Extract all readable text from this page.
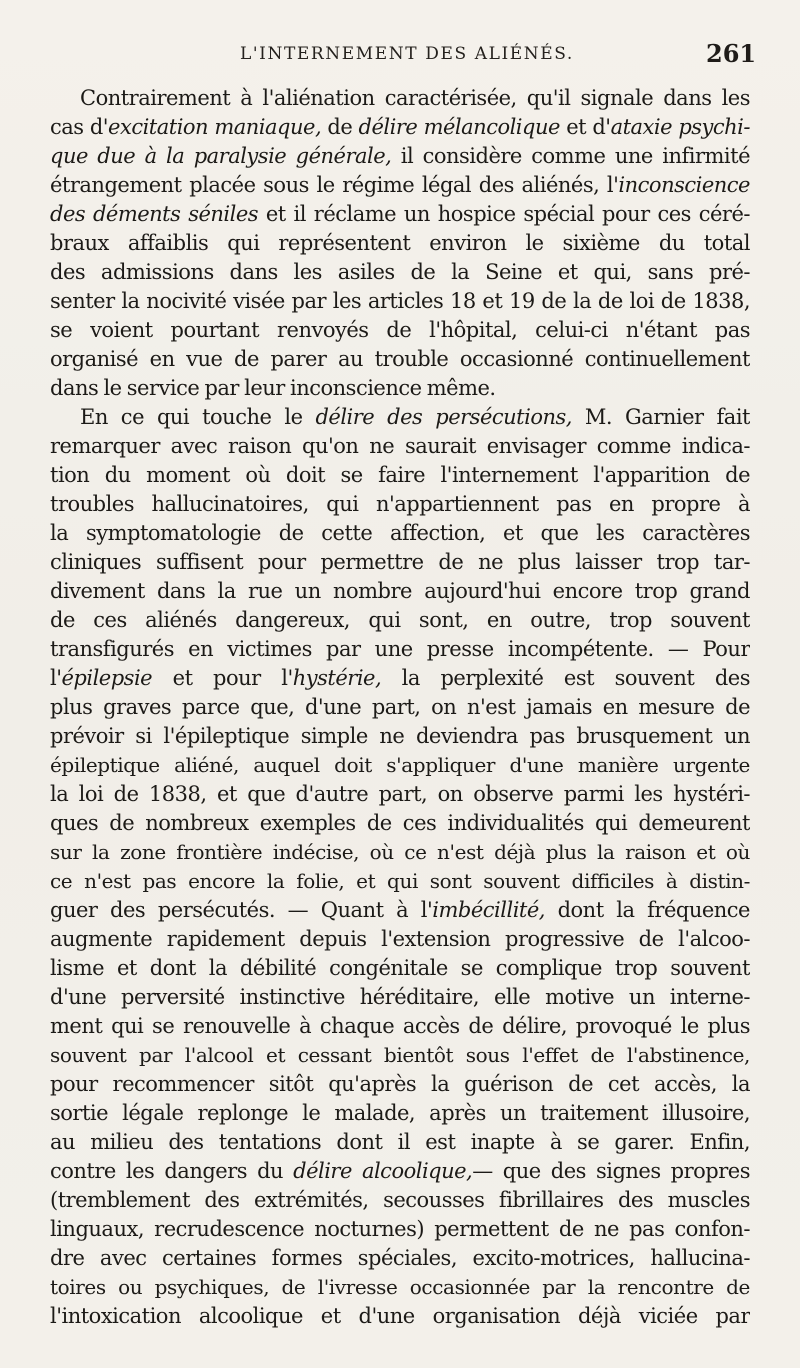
L'INTERNEMENT DES ALIÉNÉS.	261
Contrairement à l'aliénation caractérisée, qu'il signale dans les
cas d'excitation maniaque, de délire mélancolique et d'ataxie psychi-
que due à la paralysie générale, il considère comme une infirmité
étrangement placée sous le régime légal des aliénés, l'inconscience
des déments séniles et il réclame un hospice spécial pour ces céré-
braux affaiblis qui représentent environ le sixième du total
des admissions dans les asiles de la Seine et qui, sans pré-
senter la nocivité visée par les articles 18 et 19 de la de loi de 1838,
se voient pourtant renvoyés de l'hôpital, celui-ci n'étant pas
organisé en vue de parer au trouble occasionné continuellement
dans le service par leur inconscience même.
En ce qui touche le délire des persécutions, M. Garnier fait
remarquer avec raison qu'on ne saurait envisager comme indica-
tion du moment où doit se faire l'internement l'apparition de
troubles hallucinatoires, qui n'appartiennent pas en propre à
la symptomatologie de cette affection, et que les caractères
cliniques suffisent pour permettre de ne plus laisser trop tar-
divement dans la rue un nombre aujourd'hui encore trop grand
de ces aliénés dangereux, qui sont, en outre, trop souvent
transfigurés en victimes par une presse incompétente. — Pour
l'épilepsie et pour l'hystérie, la perplexité est souvent des
plus graves parce que, d'une part, on n'est jamais en mesure de
prévoir si l'épileptique simple ne deviendra pas brusquement un
épileptique aliéné, auquel doit s'appliquer d'une manière urgente
la loi de 1838, et que d'autre part, on observe parmi les hystéri-
ques de nombreux exemples de ces individualités qui demeurent
sur la zone frontière indécise, où ce n'est déjà plus la raison et où
ce n'est pas encore la folie, et qui sont souvent difficiles à distin-
guer des persécutés. — Quant à l'imbécillité, dont la fréquence
augmente rapidement depuis l'extension progressive de l'alcoo-
lisme et dont la débilité congénitale se complique trop souvent
d'une perversité instinctive héréditaire, elle motive un interne-
ment qui se renouvelle à chaque accès de délire, provoqué le plus
souvent par l'alcool et cessant bientôt sous l'effet de l'abstinence,
pour recommencer sitôt qu'après la guérison de cet accès, la
sortie légale replonge le malade, après un traitement illusoire,
au milieu des tentations dont il est inapte à se garer. Enfin,
contre les dangers du délire alcoolique,— que des signes propres
(tremblement des extrémités, secousses fibrillaires des muscles
linguaux, recrudescence nocturnes) permettent de ne pas confon-
dre avec certaines formes spéciales, excito-motrices, hallucina-
toires ou psychiques, de l'ivresse occasionnée par la rencontre de
l'intoxication alcoolique et d'une organisation déjà viciée par
